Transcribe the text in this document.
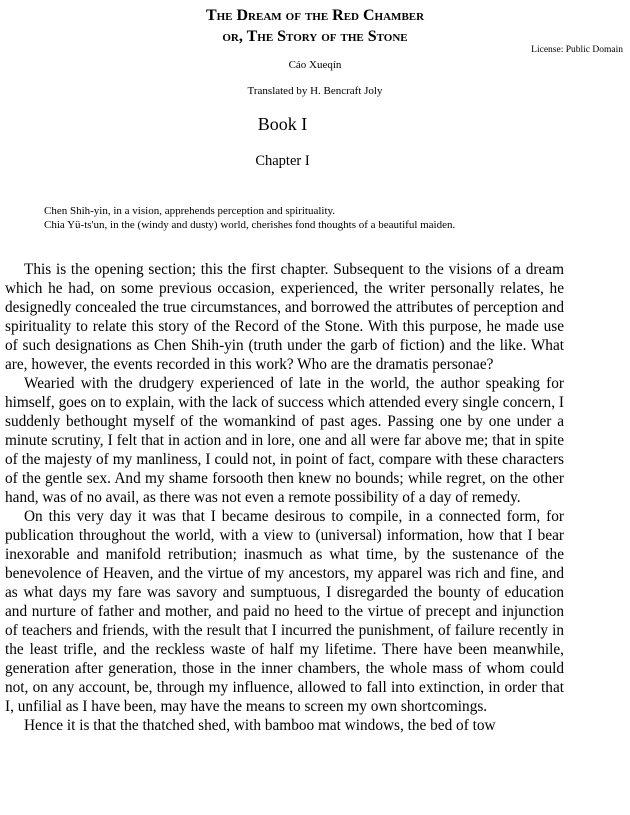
The Dream of the Red Chamber
or, The Story of the Stone
License: Public Domain
Cáo Xueqín
Translated by H. Bencraft Joly
Book I
Chapter I
Chen Shih-yin, in a vision, apprehends perception and spirituality.
Chia Yü-ts'un, in the (windy and dusty) world, cherishes fond thoughts of a beautiful maiden.

This is the opening section; this the first chapter. Subsequent to the visions of a dream which he had, on some previous occasion, experienced, the writer personally relates, he designedly concealed the true circumstances, and borrowed the attributes of perception and spirituality to relate this story of the Record of the Stone. With this purpose, he made use of such designations as Chen Shih-yin (truth under the garb of fiction) and the like. What are, however, the events recorded in this work? Who are the dramatis personae?

Wearied with the drudgery experienced of late in the world, the author speaking for himself, goes on to explain, with the lack of success which attended every single concern, I suddenly bethought myself of the womankind of past ages. Passing one by one under a minute scrutiny, I felt that in action and in lore, one and all were far above me; that in spite of the majesty of my manliness, I could not, in point of fact, compare with these characters of the gentle sex. And my shame forsooth then knew no bounds; while regret, on the other hand, was of no avail, as there was not even a remote possibility of a day of remedy.

On this very day it was that I became desirous to compile, in a connected form, for publication throughout the world, with a view to (universal) information, how that I bear inexorable and manifold retribution; inasmuch as what time, by the sustenance of the benevolence of Heaven, and the virtue of my ancestors, my apparel was rich and fine, and as what days my fare was savory and sumptuous, I disregarded the bounty of education and nurture of father and mother, and paid no heed to the virtue of precept and injunction of teachers and friends, with the result that I incurred the punishment, of failure recently in the least trifle, and the reckless waste of half my lifetime. There have been meanwhile, generation after generation, those in the inner chambers, the whole mass of whom could not, on any account, be, through my influence, allowed to fall into extinction, in order that I, unfilial as I have been, may have the means to screen my own shortcomings.

Hence it is that the thatched shed, with bamboo mat windows, the bed of tow
